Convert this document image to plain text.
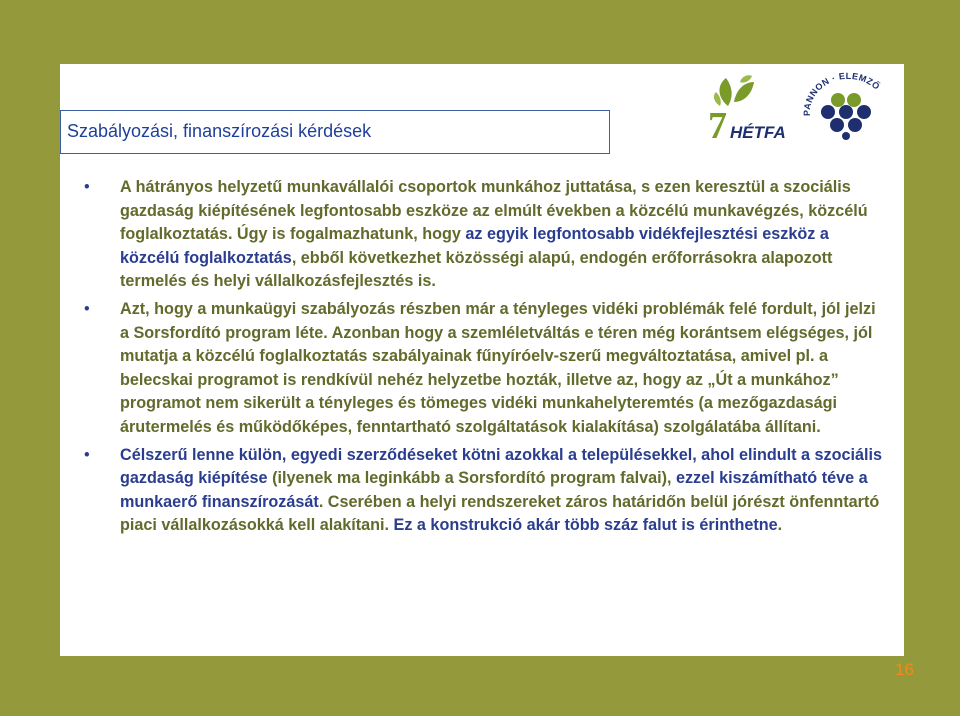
Szabályozási, finanszírozási kérdések	7 HÉTFA
PANNON · ELEMZŐ
• A hátrányos helyzetű munkavállalói csoportok munkához juttatása, s ezen keresztül a szociális gazdaság kiépítésének legfontosabb eszköze az elmúlt években a közcélú munkavégzés, közcélú foglalkoztatás. Úgy is fogalmazhatunk, hogy az egyik legfontosabb vidékfejlesztési eszköz a közcélú foglalkoztatás, ebből következhet közösségi alapú, endogén erőforrásokra alapozott termelés és helyi vállalkozásfejlesztés is.
• Azt, hogy a munkaügyi szabályozás részben már a tényleges vidéki problémák felé fordult, jól jelzi a Sorsfordító program léte. Azonban hogy a szemléletváltás e téren még korántsem elégséges, jól mutatja a közcélú foglalkoztatás szabályainak fűnyíróelv-szerű megváltoztatása, amivel pl. a belecskai programot is rendkívül nehéz helyzetbe hozták, illetve az, hogy az „Út a munkához” programot nem sikerült a tényleges és tömeges vidéki munkahelyteremtés (a mezőgazdasági árutermelés és működőképes, fenntartható szolgáltatások kialakítása) szolgálatába állítani.
• Célszerű lenne külön, egyedi szerződéseket kötni azokkal a településekkel, ahol elindult a szociális gazdaság kiépítése (ilyenek ma leginkább a Sorsfordító program falvai), ezzel kiszámítható téve a munkaerő finanszírozását. Cserében a helyi rendszereket záros határidőn belül jórészt önfenntartó piaci vállalkozásokká kell alakítani. Ez a konstrukció akár több száz falut is érinthetne.
16
